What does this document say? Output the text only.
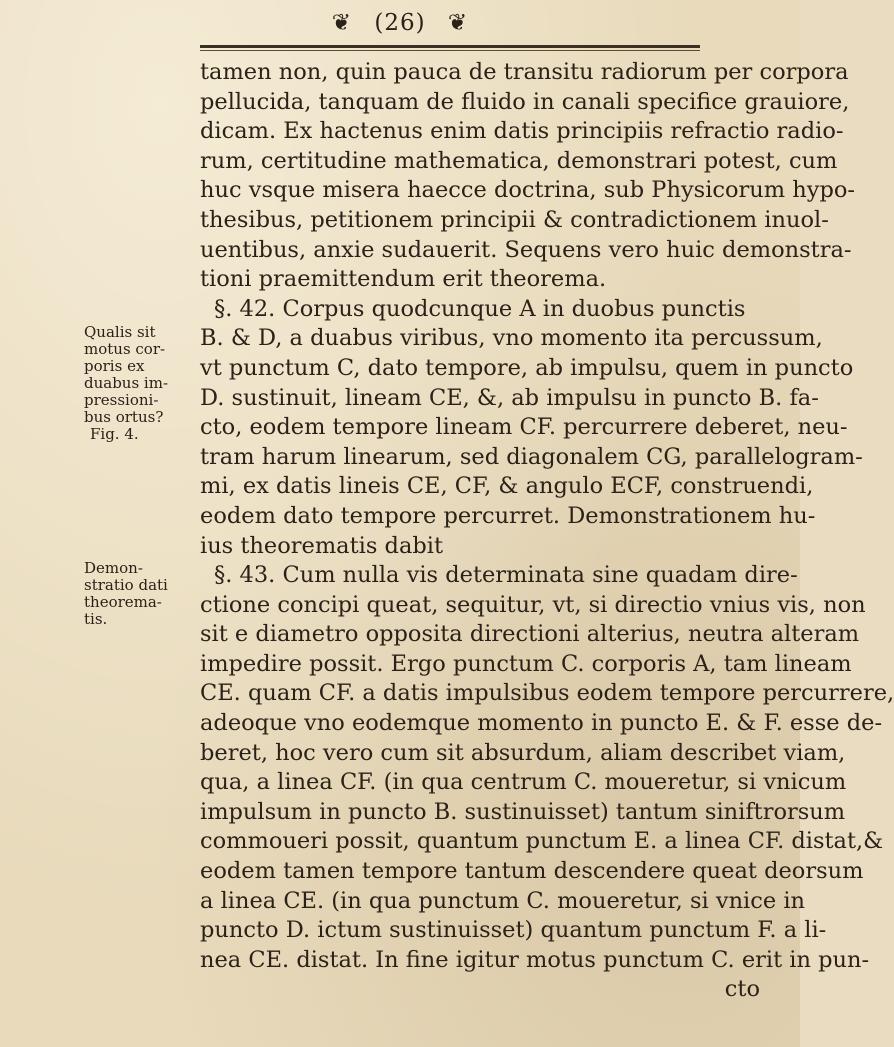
❦ (26) ❦
tamen non, quin pauca de transitu radiorum per corpora
pellucida, tanquam de fluido in canali specifice grauiore,
dicam. Ex hactenus enim datis principiis refractio radio-
rum, certitudine mathematica, demonstrari potest, cum
huc vsque misera haecce doctrina, sub Physicorum hypo-
thesibus, petitionem principii & contradictionem inuol-
uentibus, anxie sudauerit. Sequens vero huic demonstra-
tioni praemittendum erit theorema.
§. 42. Corpus quodcunque A in duobus punctis
B. & D, a duabus viribus, vno momento ita percussum,
vt punctum C, dato tempore, ab impulsu, quem in puncto
D. sustinuit, lineam CE, &, ab impulsu in puncto B. fa-
cto, eodem tempore lineam CF. percurrere deberet, neu-
tram harum linearum, sed diagonalem CG, parallelogram-
mi, ex datis lineis CE, CF, & angulo ECF, construendi,
eodem dato tempore percurret. Demonstrationem hu-
ius theorematis dabit
§. 43. Cum nulla vis determinata sine quadam dire-
ctione concipi queat, sequitur, vt, si directio vnius vis, non
sit e diametro opposita directioni alterius, neutra alteram
impedire possit. Ergo punctum C. corporis A, tam lineam
CE. quam CF. a datis impulsibus eodem tempore percurrere,
adeoque vno eodemque momento in puncto E. & F. esse de-
beret, hoc vero cum sit absurdum, aliam describet viam,
qua, a linea CF. (in qua centrum C. moueretur, si vnicum
impulsum in puncto B. sustinuisset) tantum siniftrorsum
commoueri possit, quantum punctum E. a linea CF. distat,&
eodem tamen tempore tantum descendere queat deorsum
a linea CE. (in qua punctum C. moueretur, si vnice in
puncto D. ictum sustinuisset) quantum punctum F. a li-
nea CE. distat. In fine igitur motus punctum C. erit in pun-
cto
Qualis sit
motus cor-
poris ex
duabus im-
pressioni-
bus ortus?
Fig. 4.
Demon-
stratio dati
theorema-
tis.
